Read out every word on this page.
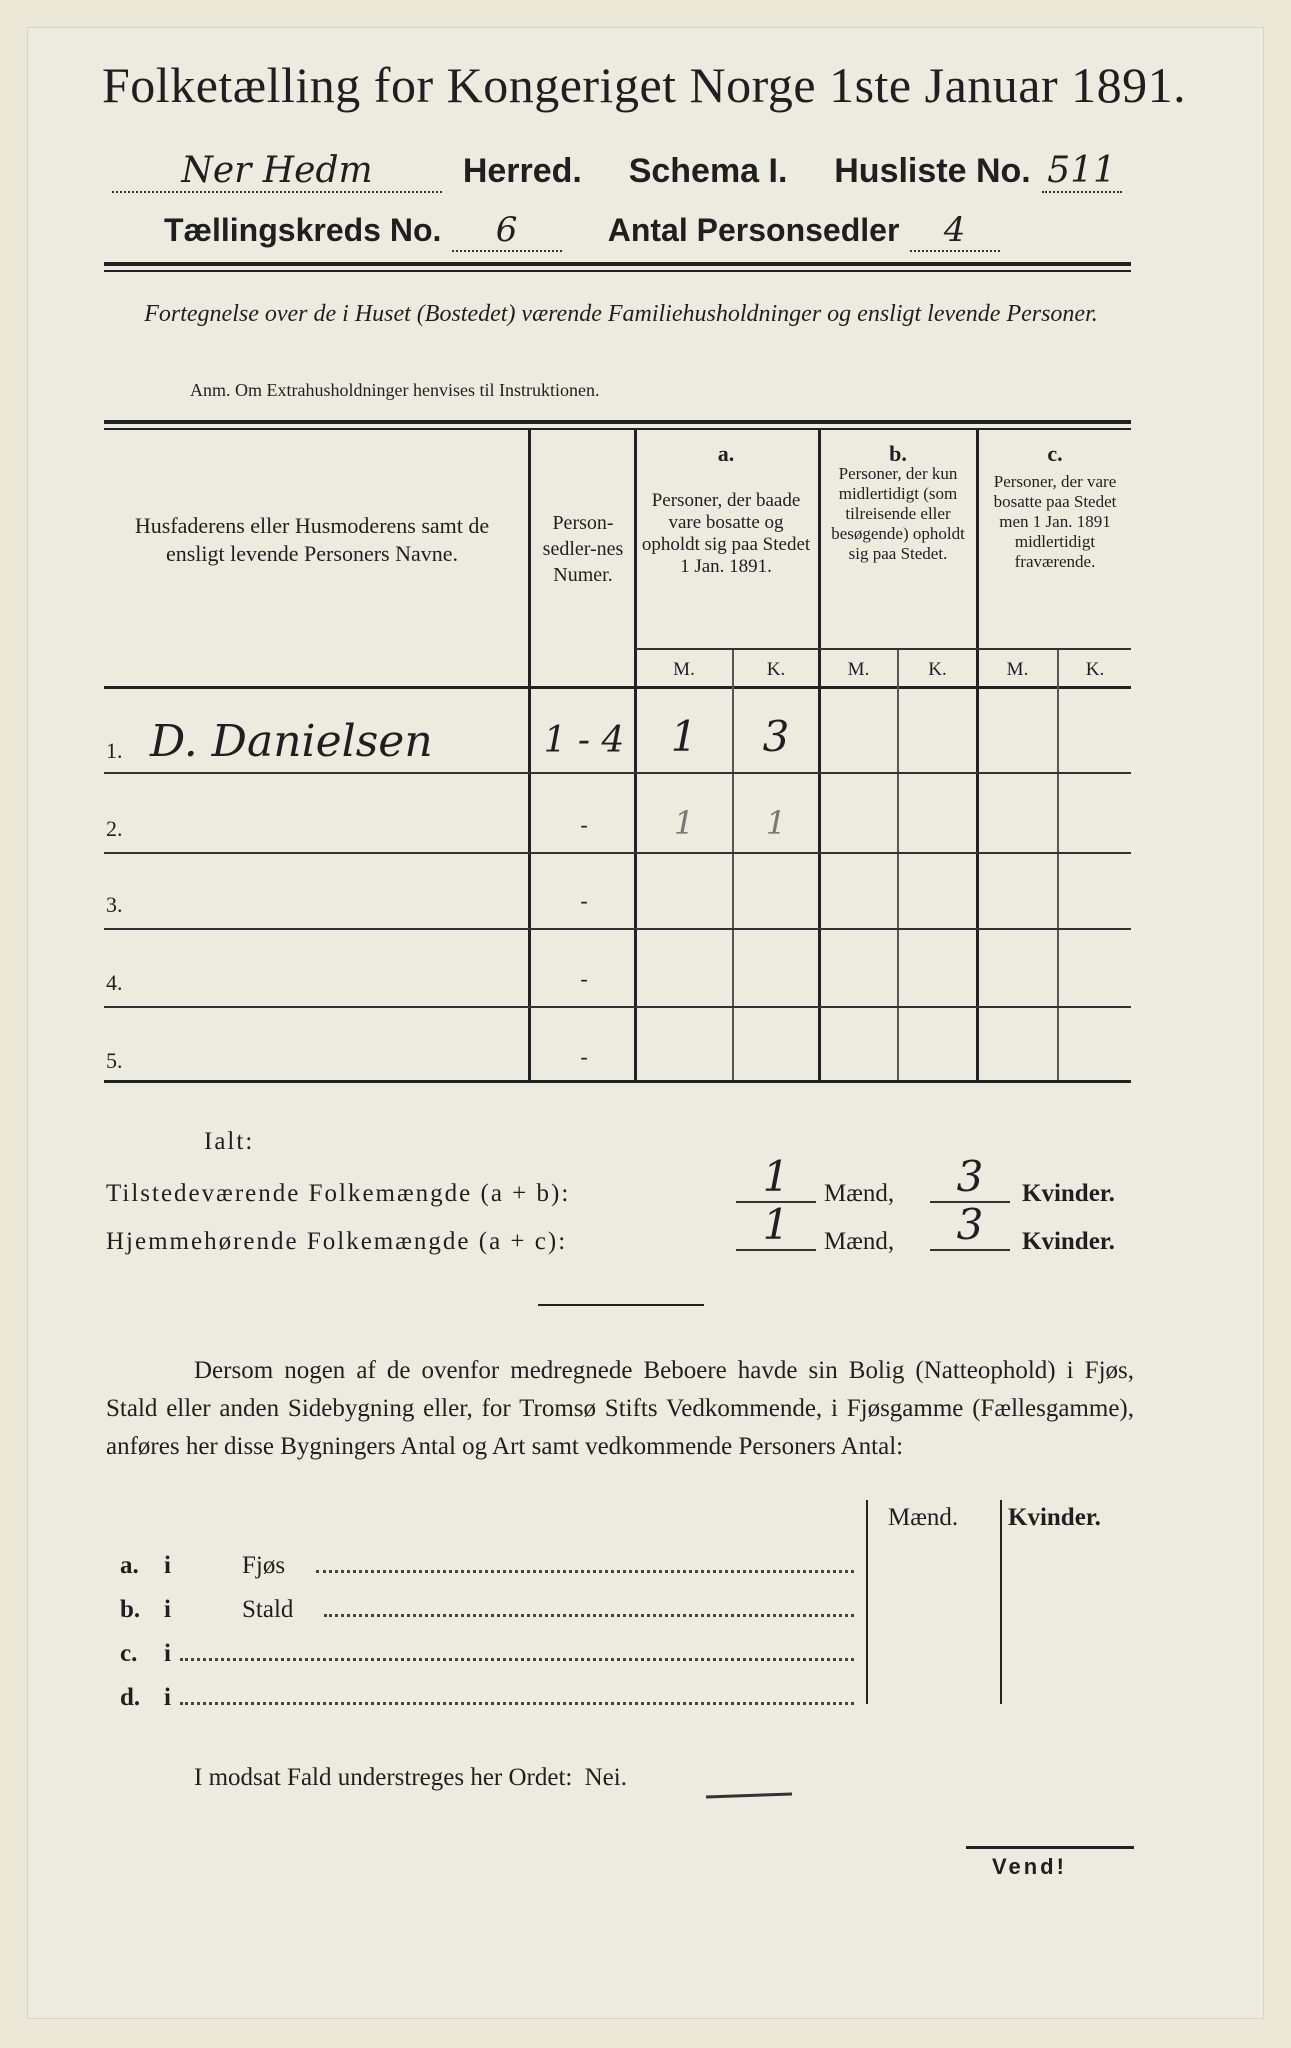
Folketælling for Kongeriget Norge 1ste Januar 1891.
Ner Hedm	Herred. Schema I. Husliste No. 511
Tællingskreds No. 6	Antal Personsedler 4
Fortegnelse over de i Huset (Bostedet) værende Familiehusholdninger og ensligt levende Personer.
Anm. Om Extrahusholdninger henvises til Instruktionen.
Husfaderens eller Husmoderens samt de ensligt levende Personers Navne.
Person-sedler-nes Numer.
a.
Personer, der baade vare bosatte og opholdt sig paa Stedet 1 Jan. 1891.
b.
Personer, der kun midlertidigt (som tilreisende eller besøgende) opholdt sig paa Stedet.
c.
Personer, der vare bosatte paa Stedet men 1 Jan. 1891 midlertidigt fraværende.
M.	K.	M.	K.	M.	K.
1. D. Danielsen	1 - 4	1	3
2.	-	1	1
3.	-
4.	-
5.	-
Ialt:
Tilstedeværende Folkemængde (a + b):	1	Mænd,	3	Kvinder.
Hjemmehørende Folkemængde (a + c):	1	Mænd,	3	Kvinder.
Dersom nogen af de ovenfor medregnede Beboere havde sin Bolig (Natteophold) i Fjøs, Stald eller anden Sidebygning eller, for Tromsø Stifts Vedkommende, i Fjøsgamme (Fællesgamme), anføres her disse Bygningers Antal og Art samt vedkommende Personers Antal:
Mænd. Kvinder.
a. i	Fjøs
b. i	Stald
c. i
d. i
I modsat Fald understreges her Ordet: Nei.
Vend!
